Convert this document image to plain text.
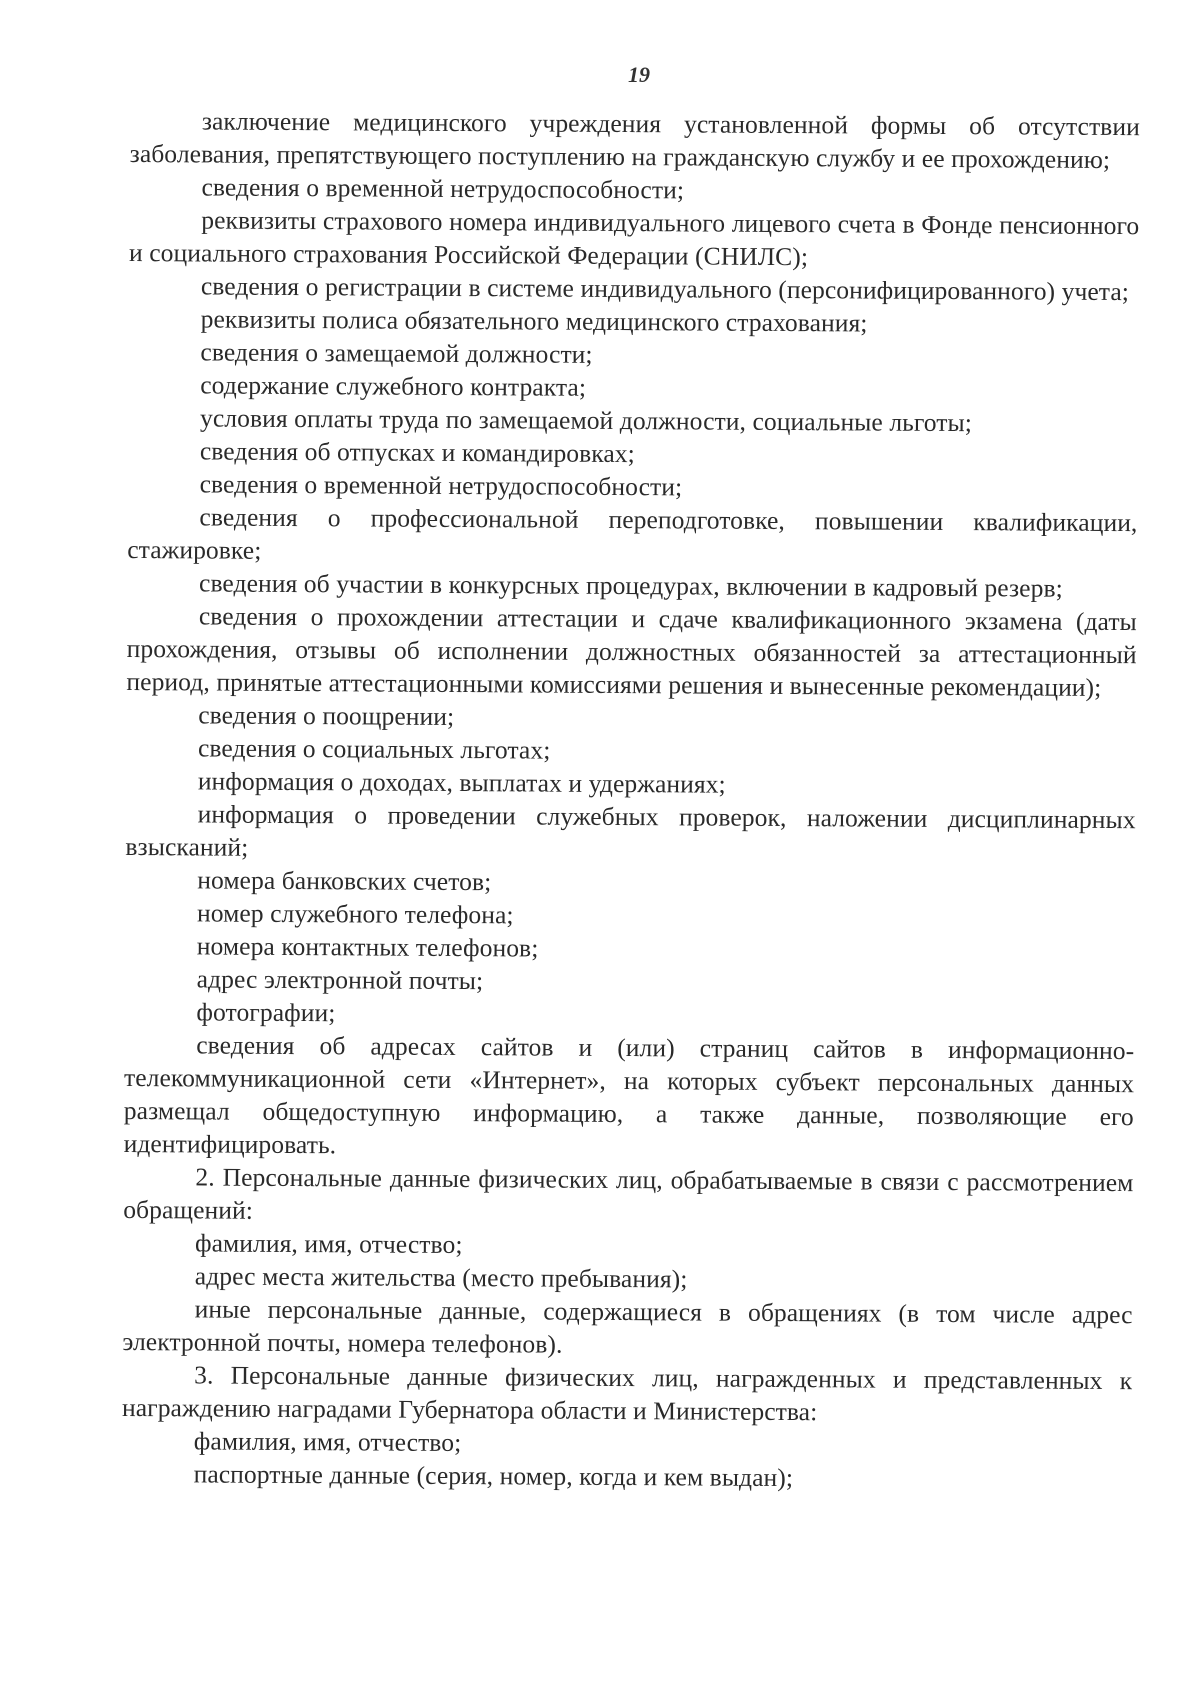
19

заключение медицинского учреждения установленной формы об отсутствии заболевания, препятствующего поступлению на гражданскую службу и ее прохождению;

сведения о временной нетрудоспособности;

реквизиты страхового номера индивидуального лицевого счета в Фонде пенсионного и социального страхования Российской Федерации (СНИЛС);

сведения о регистрации в системе индивидуального (персонифицированного) учета;

реквизиты полиса обязательного медицинского страхования;

сведения о замещаемой должности;

содержание служебного контракта;

условия оплаты труда по замещаемой должности, социальные льготы;

сведения об отпусках и командировках;

сведения о временной нетрудоспособности;

сведения о профессиональной переподготовке, повышении квалификации, стажировке;

сведения об участии в конкурсных процедурах, включении в кадровый резерв;

сведения о прохождении аттестации и сдаче квалификационного экзамена (даты прохождения, отзывы об исполнении должностных обязанностей за аттестационный период, принятые аттестационными комиссиями решения и вынесенные рекомендации);

сведения о поощрении;

сведения о социальных льготах;

информация о доходах, выплатах и удержаниях;

информация о проведении служебных проверок, наложении дисциплинарных взысканий;

номера банковских счетов;

номер служебного телефона;

номера контактных телефонов;

адрес электронной почты;

фотографии;

сведения об адресах сайтов и (или) страниц сайтов в информационно-телекоммуникационной сети «Интернет», на которых субъект персональных данных размещал общедоступную информацию, а также данные, позволяющие его идентифицировать.

2. Персональные данные физических лиц, обрабатываемые в связи с рассмотрением обращений:

фамилия, имя, отчество;

адрес места жительства (место пребывания);

иные персональные данные, содержащиеся в обращениях (в том числе адрес электронной почты, номера телефонов).

3. Персональные данные физических лиц, награжденных и представленных к награждению наградами Губернатора области и Министерства:

фамилия, имя, отчество;

паспортные данные (серия, номер, когда и кем выдан);
